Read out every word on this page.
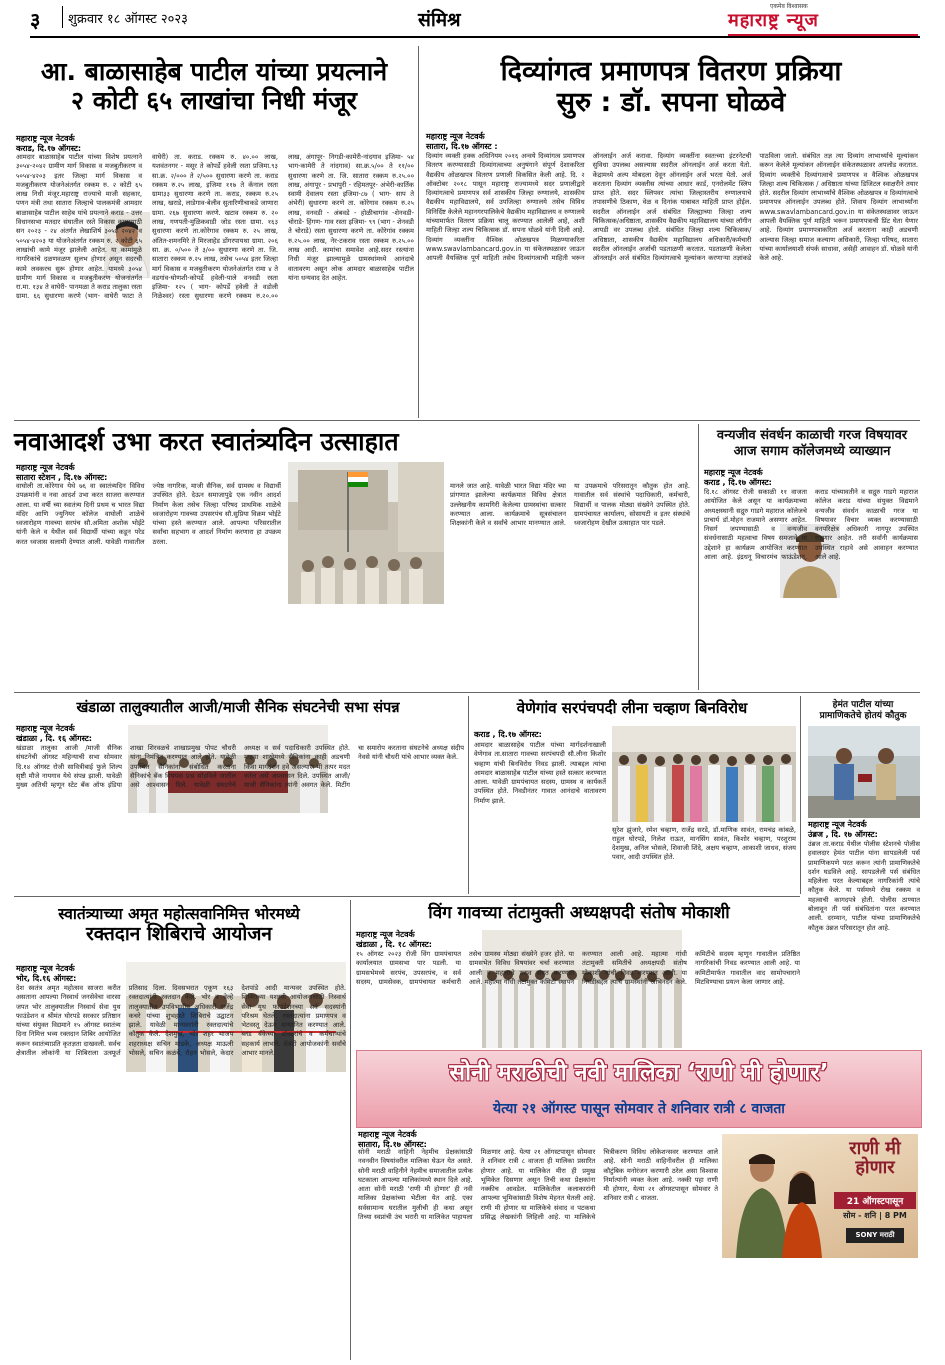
३ शुक्रवार १८ ऑगस्ट २०२३	संमिश्र
एकमेव विश्वासक
महाराष्ट्र न्यूज
आ. बाळासाहेब पाटील यांच्या प्रयत्नाने
२ कोटी ६५ लाखांचा निधी मंजूर
महाराष्ट्र न्यूज नेटवर्क
कराड, दि.१७ ऑगस्ट:
आमदार बाळासाहेब पाटील यांच्या विशेष प्रयत्नाने ३०५४-२०४२ ग्रामीण मार्ग विकास व मजबुतीकरण व ५०५४-४२०३ इतर जिल्हा मार्ग विकास व मजबुतीकरण योजनेअंतर्गत रक्कम रु. २ कोटी ६५ लाख निधी मंजूर.महाराष्ट्र राज्याचे माजी सहकार, पणन मंत्री तथा सातारा जिल्हाचे पालकमंत्री आमदार बाळासाहेब पाटील साहेब यांचे प्रयत्नाने कराड - उत्तर विधानसभा मतदार संघातील रस्ते विकास कामासाठी सन २०२३ - २४ अंतर्गत लेखाशिर्ष ३०५४ २०४२ व ५०५४-४२०३ या योजनेअंतर्गत रक्कम रु. २ कोटी ६५ लाखांची कामे मंजूर झालेली आहेत. या कामांमुळे नागरिकांचे दळणवळण सुलभ होणार असून सदरची कामे लवकरच सुरू होणार आहेत. यामध्ये ३०५४ ग्रामीण मार्ग विकास व मजबुतीकरण योजनांतर्गत रा.मा. १३४ ते वाघेरी- पानमळा ते कराड तालुका रस्ता ग्रामा. ६६ सुधारणा करणे (भाग- वाघेरी फाटा ते वाघेरी) ता. कराड. रक्कम रु. ४०.०० लाख, यशवंतनगर - मसूर ते कोपर्डे हवेली रस्ता प्रजिमा.९३ सा.क्र. २/००० ते २/५०० सुधारणा करणे ता. कराड रक्कम रु.२५ लाख, इजिमा ११७ ते कॅनाल रस्ता ग्रामा३३ सुधारणा करणे ता. कराड, रक्कम रु.२५ लाख, खराडे, लाडेगाव-बेलीव सुतारिणीचाकडे जाणारा ग्रामा. २६७ सुधारणा करणे. खटाव रक्कम रु. २० लाख, गणपती-मुळिकवाडी जोड रस्ता ग्रामा. १६३ सुधारणा करणे ता.कोरेगाव रक्कम रु. २५ लाख, अंतित-शमनमिरे ते मिरजाहेड डोंगरपायथा ग्रामा. २०६ सा. क्र. ०/५०० ते ३/०० सुधारणा करणे ता. जि. सातारा रक्कम रु.२५ लाख, तसेच ५०५४ इतर जिल्हा मार्ग विकास व मजबुतीकरण योजनेअंतर्गत रामा ४ ते वडगांव-घोणशी-कोपर्डे हवेली-पाले वनवडी रस्ता इजिमा- १२५ ( भाग- कोपर्डे हवेली ते वडोली निळेश्वर) रस्ता सुधारणा करणे रक्कम रु.२०.०० लाख, अंगापूर- निगडी-कामेरी-नांदगाव इजिमा- ५४ भाग-कामेरी ते नांदगाव) सा.क्र.५/०० ते ११/०० सुधारणा करणे ता. जि. सातारा रक्कम रु.२५.०० लाख, अंगापूर - प्रभापुरी - रहिमतपूर- अंभेरी-कार्तिक स्वामी देवालय रस्ता इजिमा-८७ ( भाग- साप ते अंभेरी) सुधारणा करणे ता. कोरेगाव रक्कम रु.२५ लाख, वनवडी - अंबवडे - होळीचागांव -शेनवडी-चोराडे- हिंगण- गाव रस्ता इजिमा- ९९ (भाग - शेनवडी ते चोराडे) रस्ता सुधारणा करणे ता. कोरेगांव रक्कम रु.२५.०० लाख, नेर-टकराव रस्ता रक्कम रु.२५.०० लाख आदी. कामांचा समावेश आहे.सदर रस्त्यांना निधी मंजूर झाल्यामुळे ग्रामस्थांमध्ये आनंदाचे वातावरण असून लोक आमदार बाळासाहेब पाटील यांना धन्यवाद देत आहेत.
दिव्यांगत्व प्रमाणपत्र वितरण प्रक्रिया
सुरु : डॉ. सपना घोळवे
महाराष्ट्र न्यूज नेटवर्क
सातारा, दि.१७ ऑगस्ट :
दिव्यांग व्यक्ती हक्क अधिनियम २०१६ अन्वये दिव्यांगत्व प्रमाणपत्र वितरण करण्यासाठी दिव्यांगत्वाच्या अनुषंगाने संपूर्ण देशाकरिता वैद्यकीय ओळखपत्र वितरण प्रणाली विकसित केली आहे. दि. २ ऑक्टोबर २०१८ पासून महाराष्ट्र राज्यामध्ये सदर प्रणालीद्वारे दिव्यांगत्वाचे प्रमाणपत्र सर्व शासकीय जिल्हा रुग्णालये, शासकीय वैद्यकीय महाविद्यालये, सर्व उपजिल्हा रुग्णालये तसेच विविध विनिर्दिष्ट केलेले महानगरपालिकेचे वैद्यकीय महाविद्यालय व रुग्णालये यांच्यामार्फत वितरण प्रक्रिया चालू करण्यात आलेली आहे, अशी माहिती जिल्हा शल्य चिकित्सक डॉ. सपना घोळवे यांनी दिली आहे. दिव्यांग व्यक्तींना वैश्विक ओळखपत्र मिळण्याकरिता www.swavlambancard.gov.in या संकेतस्थळावर जाऊन आपली वैयक्तिक पूर्ण माहिती तसेच दिव्यांगत्वाची माहिती भरून ऑनलाईन अर्ज करावा. दिव्यांग व्यक्तींना स्वतःच्या इंटरनेटची सुविधा उपलब्ध असल्यास सदरील ऑनलाईन अर्ज करता येतो. केंद्रामध्ये अल्प मोबदला देवून ऑनलाईन अर्ज भरता येतो. अर्ज करताना दिव्यांग व्यक्तीस त्यांच्या आधार कार्ड, एनरोलमेंट स्लिप प्राप्त होते. सदर स्लिपवर त्यांचा जिल्हास्तरीय रुग्णालयाचे तपासणीचे ठिकाण, वेळ व दिनांक याबाबत माहिती प्राप्त होईल. सदरील ऑनलाईन अर्ज संबंधित जिल्ह्याच्या जिल्हा शल्य चिकित्सक/अधिष्ठाता, शासकीय वैद्यकीय महाविद्यालय यांच्या लॉगीन आयडी वर उपलब्ध होतो. संबंधित जिल्हा शल्य चिकित्सक/अधिष्ठाता, शासकीय वैद्यकीय महाविद्यालय अधिकारी/कर्मचारी सदरील ऑनलाईन अर्जाची पडताळणी करतात. पडताळणी केलेला ऑनलाईन अर्ज संबंधित दिव्यांगत्वाचे मूल्यांकन करणाऱ्या तज्ञांकडे पाठविला जातो. संबंधित तज्ञ त्या दिव्यांग लाभार्थ्याचे मूल्यांकन करून केलेले मूल्यांकन ऑनलाईन संकेतस्थळावर अपलोड करतात. दिव्यांग व्यक्तीचे दिव्यांगत्वाचे प्रमाणपत्र व वैश्विक ओळखपत्र जिल्हा शल्य चिकित्सक / अधिष्ठाता यांच्या डिजिटल स्वाक्षरीने तयार होते. सदरील दिव्यांग लाभार्थ्यांचे वैश्विक ओळखपत्र व दिव्यांगत्वाचे प्रमाणपत्र ऑनलाईन उपलब्ध होते. शिवाय दिव्यांग लाभार्थ्यांना www.swavlambancard.gov.in या संकेतस्थळावर जाऊन आपली वैयक्तिक पूर्ण माहिती भरून प्रमाणपत्राची प्रिंट घेता येणार आहे. दिव्यांग प्रमाणपत्राकरिता अर्ज करताना काही अडचणी आल्यास जिल्हा समाज कल्याण अधिकारी, जिल्हा परिषद, सातारा यांच्या कार्यालयाशी संपर्क साधावा, असेही आवाहन डॉ. घोळवे यांनी केले आहे.
नवाआदर्श उभा करत स्वातंत्र्यदिन उत्साहात
महाराष्ट्र न्यूज नेटवर्क
सातारा स्टेशन , दि.१७ ऑगस्ट:
वाघोली ता.कोरेगाव येथे ७६ वा स्वातंत्र्यदिन विविध उपक्रमांनी व नवा आदर्श उभा करत साजरा करण्यात आला. या वर्षी च्या स्वातंत्र्य दिनी प्रथम च भारत विद्या मंदिर आणि ज्युनियर कॉलेज वाघोली शाळेचे ध्वजारोहण गावच्या सरपंच सौ.अमिता अशोक भोईटे यांनी केले व येथील सर्व विद्यार्थी यांच्या कडून परेड करत ध्वजास सलामी देण्यात आली. यावेळी गावातील ज्येष्ठ नागरिक, माजी सैनिक, सर्व ग्रामस्थ व विद्यार्थी उपस्थित होते. देऊन समाजापुढे एक नवीन आदर्श निर्माण केला तसेच जिल्हा परिषद प्राथमिक शाळेचे ध्वजारोहण गावच्या उपसरपंच सौ.सुप्रिया विक्रम भोईटे यांच्या हस्ते करण्यात आले. आपल्या परिसरातील सर्वांचा सहभाग व आदर्श निर्माण करणारा हा उपक्रम ठरला.
मानले जात आहे. यावेळी भारत विद्या मंदिर च्या प्रांगणात झालेल्या कार्यक्रमात विविध क्षेत्रात उल्लेखनीय कामगिरी केलेल्या ग्रामस्थांचा सत्कार करण्यात आला. कार्यक्रमाचे सूत्रसंचालन शिक्षकांनी केले व सर्वांचे आभार मानण्यात आले. या उपक्रमाचे परिसरातून कौतुक होत आहे. गावातील सर्व संस्थांचे पदाधिकारी, कर्मचारी, विद्यार्थी व पालक मोठ्या संख्येने उपस्थित होते. ग्रामपंचायत कार्यालय, सोसायटी व इतर संस्थांचे ध्वजारोहण देखील उत्साहात पार पडले.
वन्यजीव संवर्धन काळाची गरज विषयावर
आज सगाम कॉलेजमध्ये व्याख्यान
महाराष्ट्र न्यूज नेटवर्क
कराड , दि.१७ ऑगस्ट:
दि.१८ ऑगस्ट रोजी सकाळी ११ वाजता आयोजित केले असून या कार्यक्रमाच्या अध्यक्षस्थानी सद्गुरु गाडगे महाराज कॉलेजचे प्राचार्य डॉ.मोहन राजमाने असणार आहेत. निसर्ग जपण्यासाठी व वन्यजीव संवर्धनासाठी महत्वाचा विषय समजावे या उद्देशाने हा कार्यक्रम आयोजित करण्यात आला आहे. इंद्रधनू विचारमंच फाऊंडेशन, कराड यांच्यावतीने व सद्गुरु गाडगे महाराज कॉलेज कराड यांच्या संयुक्त विद्यमाने वन्यजीव संवर्धन काळाची गरज या विषयावर विचार व्यक्त करण्यासाठी वनपरिक्षेत्र अधिकारी नागपूर उपस्थित राहणार आहेत. तरी सर्वांनी कार्यक्रमास उपस्थित राहावे असे आवाहन करण्यात आले आहे.
खंडाळा तालुक्यातील आजी/माजी सैनिक संघटनेची सभा संपन्न
महाराष्ट्र न्यूज नेटवर्क
खंडाळा , दि. १६ ऑगस्ट:
खंडाळा तालुका आजी /माजी सैनिक संघटनेची ऑगस्ट महिन्याची सभा सोमवार दि.१४ ऑगस्ट रोजी सावित्रीबाई फुले शिल्प सृष्टी मौजे नायगाव येथे संपन्न झाली. यावेळी मुख्य अतिथी म्हणून स्टेट बँक ऑफ इंडिया शाखा शिरवळचे शाखाप्रमुख पोपट चौधरी यांना निमंत्रित करण्यात आले होते. यावेळी उपस्थित सैनिकांना संबोधित करताना सैनिकांचे बँक विषयक प्रश्न सोडविले जातील असे आश्वासन दिले. यावेळी संघटनेचे अध्यक्ष व सर्व पदाधिकारी उपस्थित होते. माझ्या शाखेमध्ये सैनिकांना काही अडचणी किंवा मार्गदर्शन हवे असल्यास मी तत्पर मदत करेल असे आश्वासन दिले. उपस्थित आजी/माजी सैनिकांना त्यांनी अवगत केले. मिटींग चा समारोप करताना संघटनेचे अध्यक्ष संदीप नेवसे यांनी चौधरी यांचे आभार व्यक्त केले.
वेणेगांव सरपंचपदी लीना चव्हाण बिनविरोध
कराड , दि.१७ ऑगस्ट:
आमदार बाळासाहेब पाटील यांच्या मार्गदर्शनाखाली वेणेगाव ता.सातारा गावच्या सरपंचपदी सौ.लीना किशोर चव्हाण यांची बिनविरोध निवड झाली. त्याबद्दल त्यांचा आमदार बाळासाहेब पाटील यांच्या हस्ते सत्कार करण्यात आला. यावेळी ग्रामपंचायत सदस्य, ग्रामस्थ व कार्यकर्ते उपस्थित होते. निवडीनंतर गावात आनंदाचे वातावरण निर्माण झाले.
सुरेश झुंजारे, रमेश चव्हाण, राजेंद्र सरडे, डॉ.माणिक सावंत, रामचंद्र कांबळे, राहुल घोरपडे, निलेश राऊत, मानसिंग सावंत, किशोर चव्हाण, परशुराम देशमुख, अनिल भोसले, शिवाजी शिंदे, अक्षय चव्हाण, आकाशी जाधव, संजय पवार, आदी उपस्थित होते.
हेमंत पाटील यांच्या
प्रामाणिकतेचे होतयं कौतुक
महाराष्ट्र न्यूज नेटवर्क
उंब्रज , दि. १७ ऑगस्ट:
उंब्रज ता.कराड येथील पोलीस स्टेशनचे पोलीस हवालदार हेमंत पाटील यांना सापडलेली पर्स प्रामाणिकपणे परत करून त्यांनी प्रामाणिकतेचे दर्शन घडविले आहे. सापडलेली पर्स संबंधित महिलेला परत केल्याबद्दल नागरिकांनी त्यांचे कौतुक केले. या पर्समध्ये रोख रक्कम व महत्वाची कागदपत्रे होती. पोलीस ठाण्यात बोलावून ती पर्स संबंधितांना परत करण्यात आली. दरम्यान, पाटील यांच्या प्रामाणिकतेचे कौतुक उंब्रज परिसरातून होत आहे.
स्वातंत्र्याच्या अमृत महोत्सवानिमित्त भोरमध्ये
रक्तदान शिबिराचे आयोजन
महाराष्ट्र न्यूज नेटवर्क
भोर, दि.१६ ऑगस्ट:
देश स्वतंत्र अमृत महोत्सव साजरा करीत असताना आपल्या निस्वार्थ जनसेवेचा वारसा जपत भोर तालुक्यातील निस्वार्थ सेवा युथ फाउंडेशन व श्रीमंत घोरपडे सरकार प्रतिष्ठान यांच्या संयुक्त विद्यमाने १५ ऑगस्ट स्वातंत्र्य दिना निमित्त भव्य रक्तदान शिबिर आयोजित करून स्वातंत्र्याप्रति कृतज्ञता दाखवली. सर्वच क्षेत्रातील लोकांनी या शिबिराला उत्स्फूर्त प्रतिसाद दिला. दिवसभरात एकूण १६३ रक्तदात्यांनी रक्तदान केले. भोर व वेल्हे तालुक्यातील उपविभागीय अधिकारी राजेंद्र कचरे यांच्या शुभहस्ते शिबिराचे उद्घाटन झाले. यावेळी मान्यवरांनी रक्तदात्यांचे कौतुक केले. देशमुख, भोर शहर भाजप शहराध्यक्ष सचिन मांडके, अध्यक्ष माऊली भोसले, सचिन कळंबे, रोहन भोसले, केदार देशपांडे आदी मान्यवर उपस्थित होते. शिबिराच्या यशस्वी आयोजनासाठी निस्वार्थ सेवा युथ फाउंडेशनच्या सर्व सदस्यांनी परिश्रम घेतले. रक्तदात्यांना प्रमाणपत्र व भेटवस्तू देऊन सन्मानित करण्यात आले. ब्लड बँकेच्या डॉक्टरांचे व कर्मचाऱ्यांचे सहकार्य लाभले. शेवटी आयोजकांनी सर्वांचे आभार मानले.
विंग गावच्या तंटामुक्ती अध्यक्षपदी संतोष मोकाशी
महाराष्ट्र न्यूज नेटवर्क
खंडाळा , दि. १८ ऑगस्ट:
१५ ऑगस्ट २०२३ रोजी विंग ग्रामपंचायत कार्यालयात ग्रामसभा पार पडली. या ग्रामसभेमध्ये सरपंच, उपसरपंच, व सर्व सदस्य, ग्रामसेवक, ग्रामपंचायत कर्मचारी तसेच ग्रामस्थ मोठ्या संख्येने हजर होते. या ग्रामसभेत विविध विषयांवर चर्चा करण्यात आली व महत्वाचे ठराव संमत करण्यात आले. महात्मा गांधी तंटामुक्त कमिटी स्थापन करण्यात आली आहे. महात्मा गांधी तंटामुक्ती समितीचे अध्यक्षपदी संतोष मोकाशी यांची निवड करण्यात आली. या निवडीबद्दल त्यांचे ग्रामस्थांनी अभिनंदन केले. कमिटीचे सदस्य म्हणून गावातील प्रतिष्ठित नागरिकांची निवड करण्यात आली आहे. या कमिटीमार्फत गावातील वाद सामोपचाराने मिटविण्याचा प्रयत्न केला जाणार आहे.
सोनी मराठीची नवी मालिका ‘राणी मी होणार’
येत्या २१ ऑगस्ट पासून सोमवार ते शनिवार रात्री ८ वाजता
महाराष्ट्र न्यूज नेटवर्क
सातारा, दि.१७ ऑगस्ट:
सोनी मराठी वाहिनी नेहमीच प्रेक्षकांसाठी नवनवीन विषयांवरील मालिका घेऊन येत असते. सोनी मराठी वाहिनीने नेहमीच समाजातील प्रत्येक घटकाला आपल्या मालिकांमध्ये स्थान दिले आहे. आता सोनी मराठी 'राणी मी होणार' ही नवी मालिका प्रेक्षकांच्या भेटीला येत आहे. एका सर्वसामान्य घरातील मुलीची ही कथा असून तिच्या स्वप्नांची उंच भरारी या मालिकेत पाहायला मिळणार आहे. येत्या २१ ऑगस्टपासून सोमवार ते शनिवार रात्री ८ वाजता ही मालिका प्रसारित होणार आहे. या मालिकेत मीरा ही प्रमुख भूमिकेत दिसणार असून तिची कथा प्रेक्षकांना नक्कीच आवडेल. मालिकेतील कलाकारांनी आपल्या भूमिकांसाठी विशेष मेहनत घेतली आहे. राणी मी होणार या मालिकेचे संवाद व पटकथा प्रसिद्ध लेखकांनी लिहिली आहे. या मालिकेचे चित्रीकरण विविध लोकेशन्सवर करण्यात आले आहे. सोनी मराठी वाहिनीवरील ही मालिका कौटुंबिक मनोरंजन करणारी ठरेल असा विश्वास निर्मात्यांनी व्यक्त केला आहे. नक्की पहा राणी मी होणार, येत्या २१ ऑगस्टपासून सोमवार ते शनिवार रात्री ८ वाजता.
राणी मी
होणार
21 ऑगस्टपासून
सोम - शनि | 8 PM
SONY मराठी
